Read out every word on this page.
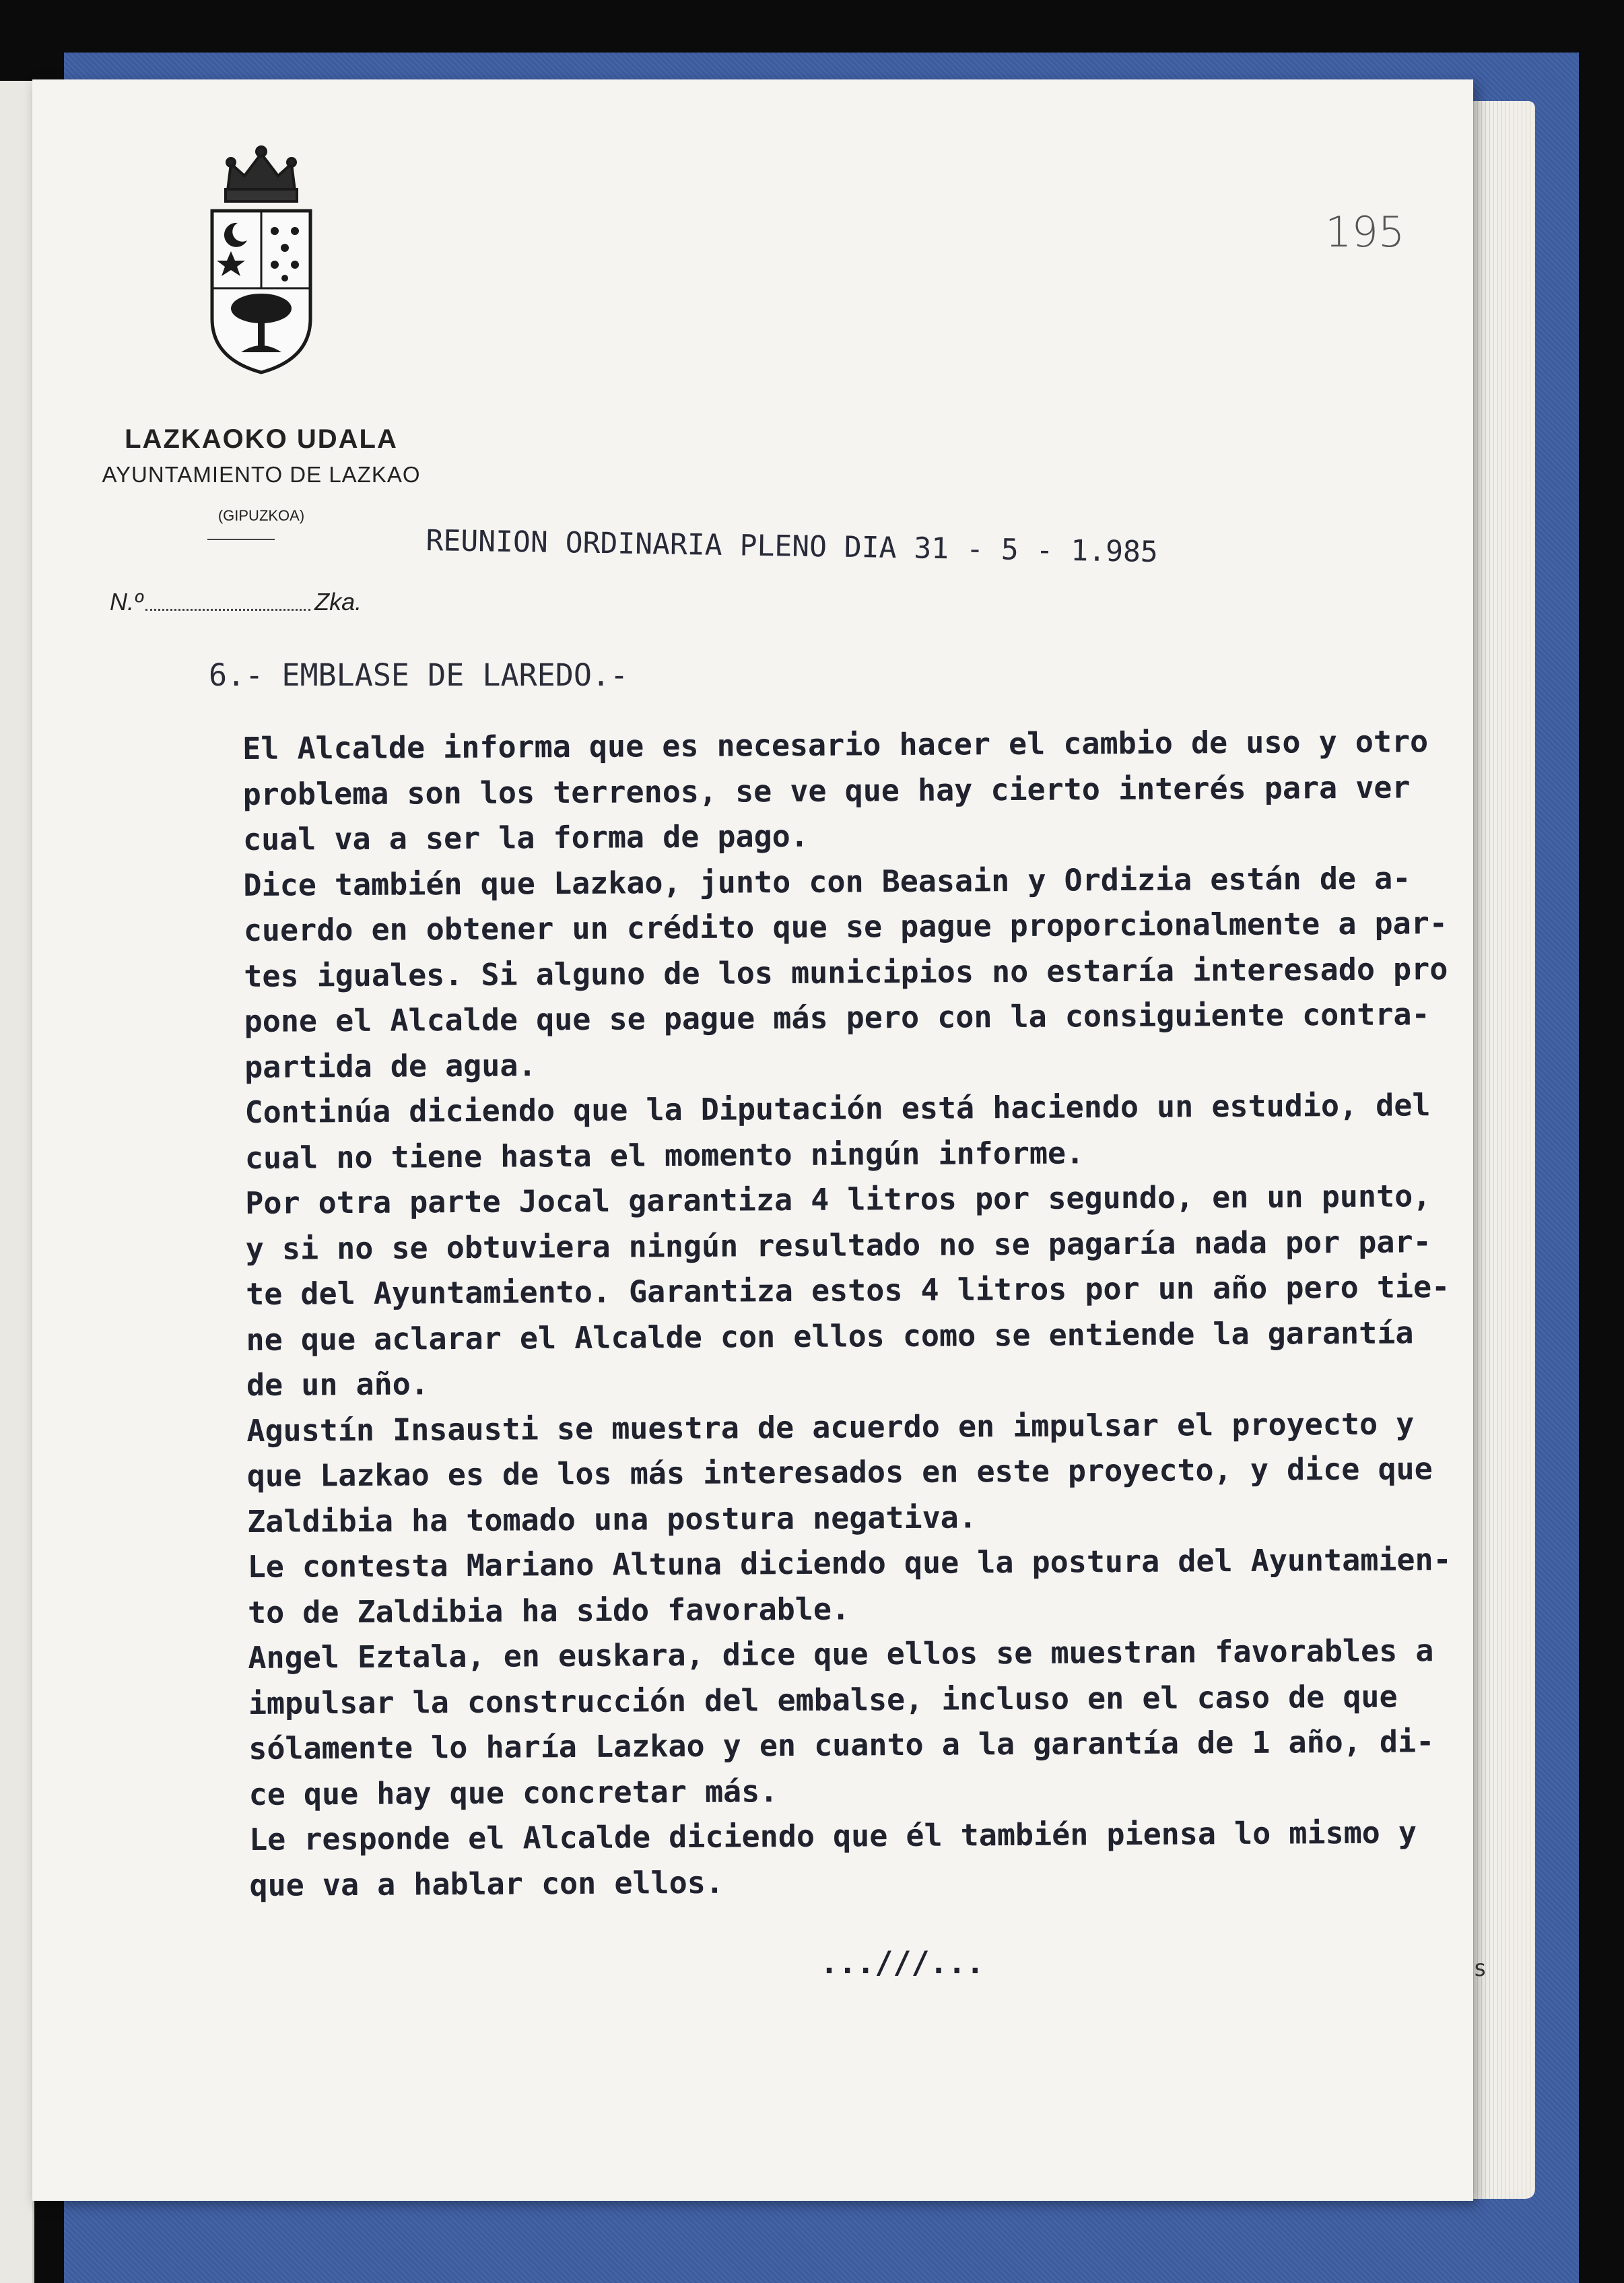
LAZKAOKO UDALA
AYUNTAMIENTO DE LAZKAO
(GIPUZKOA)
N.º	Zka.
195
REUNION ORDINARIA PLENO DIA 31 - 5 - 1.985
6.- EMBLASE DE LAREDO.-
El Alcalde informa que es necesario hacer el cambio de uso y otro
problema son los terrenos, se ve que hay cierto interés para ver
cual va a ser la forma de pago.
Dice también que Lazkao, junto con Beasain y Ordizia están de a-
cuerdo en obtener un crédito que se pague proporcionalmente a par-
tes iguales. Si alguno de los municipios no estaría interesado pro
pone el Alcalde que se pague más pero con la consiguiente contra-
partida de agua.
Continúa diciendo que la Diputación está haciendo un estudio, del
cual no tiene hasta el momento ningún informe.
Por otra parte Jocal garantiza 4 litros por segundo, en un punto,
y si no se obtuviera ningún resultado no se pagaría nada por par-
te del Ayuntamiento. Garantiza estos 4 litros por un año pero tie-
ne que aclarar el Alcalde con ellos como se entiende la garantía
de un año.
Agustín Insausti se muestra de acuerdo en impulsar el proyecto y
que Lazkao es de los más interesados en este proyecto, y dice que
Zaldibia ha tomado una postura negativa.
Le contesta Mariano Altuna diciendo que la postura del Ayuntamien-
to de Zaldibia ha sido favorable.
Angel Eztala, en euskara, dice que ellos se muestran favorables a
impulsar la construcción del embalse, incluso en el caso de que
sólamente lo haría Lazkao y en cuanto a la garantía de 1 año, di-
ce que hay que concretar más.
Le responde el Alcalde diciendo que él también piensa lo mismo y
que va a hablar con ellos.
...///...	s
